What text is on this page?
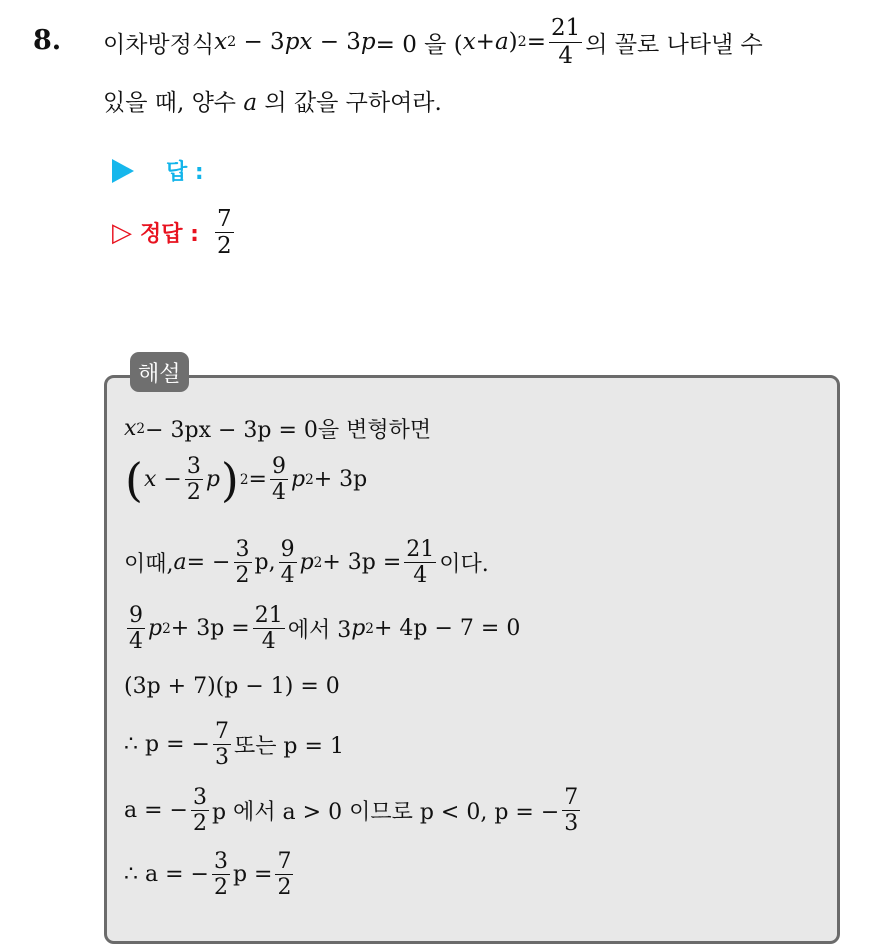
8. 이차방정식 x 2
− 3 px
− 3 p = 0 을 ( x + a ) $2 = \frac{21}{4}$ 의 꼴로 나타낼 수
있을 때, 양수 a 의 값을 구하여라.
답 :
▷ 정답 : $\frac{7}{2}$
해설
x 2 − 3px − 3p = 0을 변형하면
( $x - \frac{3}{2}$ p ) $2 = \frac{9}{4}$ p 2 + 3p
이때, a = − $\frac{3}{2} p$, $\frac{9}{4}$ p $2 + 3p = \frac{21}{4}$ 이다.
$\frac{9}{4}$ p $2 + 3p = \frac{21}{4}$ 에서 3 p 2 + 4p − 7 = 0
(3p + 7)(p − 1) = 0
∴ p = − $\frac{7}{3}$ 또는 p = 1
a = − $\frac{3}{2}$ p 에서 a > 0 이므로 p < 0, p = − $\frac{7}{3}$
∴ a = − $\frac{3}{2}$ $p = \frac{7}{2}$
